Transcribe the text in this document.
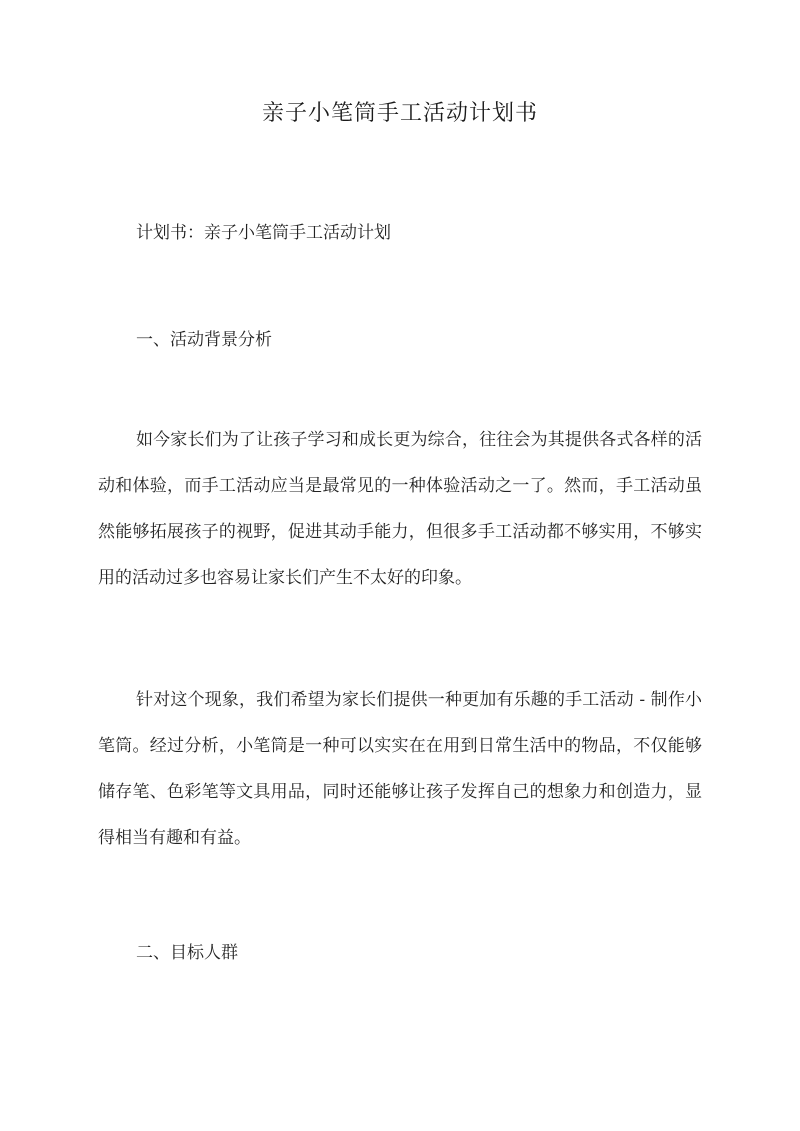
亲子小笔筒手工活动计划书
计划书：亲子小笔筒手工活动计划
一、活动背景分析

如今家长们为了让孩子学习和成长更为综合，往往会为其提供各式各样的活动和体验，而手工活动应当是最常见的一种体验活动之一了。然而，手工活动虽然能够拓展孩子的视野，促进其动手能力，但很多手工活动都不够实用，不够实用的活动过多也容易让家长们产生不太好的印象。

针对这个现象，我们希望为家长们提供一种更加有乐趣的手工活动 - 制作小笔筒。经过分析，小笔筒是一种可以实实在在用到日常生活中的物品，不仅能够储存笔、色彩笔等文具用品，同时还能够让孩子发挥自己的想象力和创造力，显得相当有趣和有益。

二、目标人群
